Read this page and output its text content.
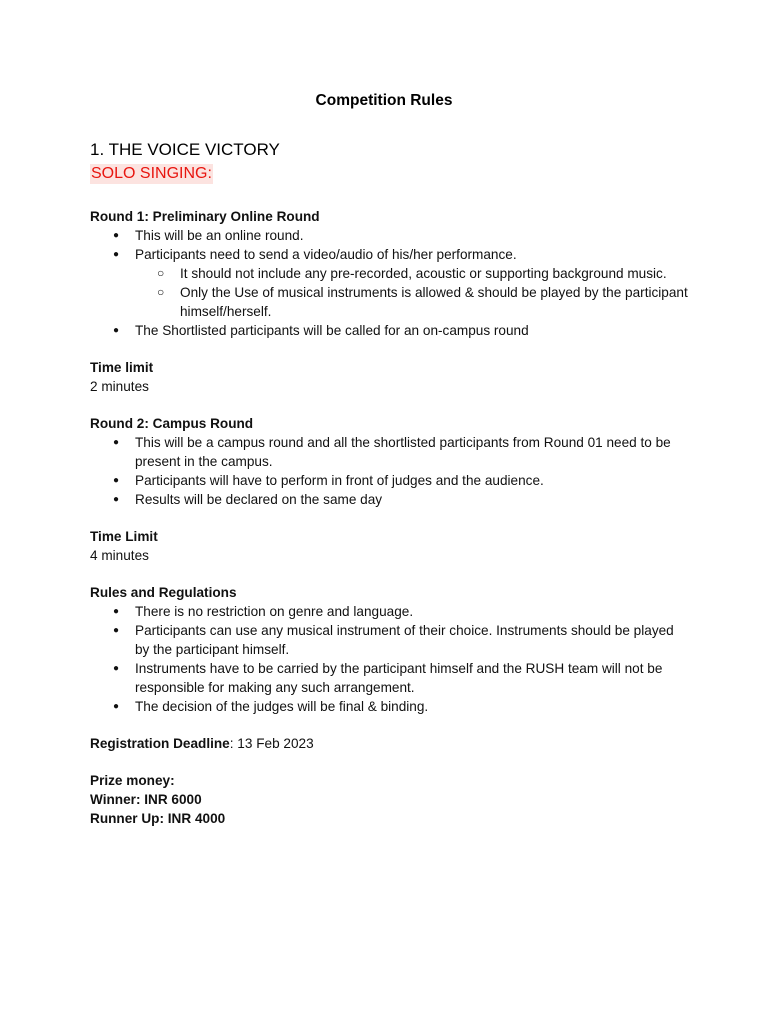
Competition Rules
1. THE VOICE VICTORY
SOLO SINGING:
Round 1: Preliminary Online Round
● This will be an online round.
● Participants need to send a video/audio of his/her performance.
○ It should not include any pre-recorded, acoustic or supporting background music.
○ Only the Use of musical instruments is allowed & should be played by the participant himself/herself.
● The Shortlisted participants will be called for an on-campus round
Time limit
2 minutes
Round 2: Campus Round
● This will be a campus round and all the shortlisted participants from Round 01 need to be present in the campus.
● Participants will have to perform in front of judges and the audience.
● Results will be declared on the same day
Time Limit
4 minutes
Rules and Regulations
● There is no restriction on genre and language.
● Participants can use any musical instrument of their choice. Instruments should be played by the participant himself.
● Instruments have to be carried by the participant himself and the RUSH team will not be responsible for making any such arrangement.
● The decision of the judges will be final & binding.
Registration Deadline: 13 Feb 2023
Prize money:
Winner: INR 6000
Runner Up: INR 4000
